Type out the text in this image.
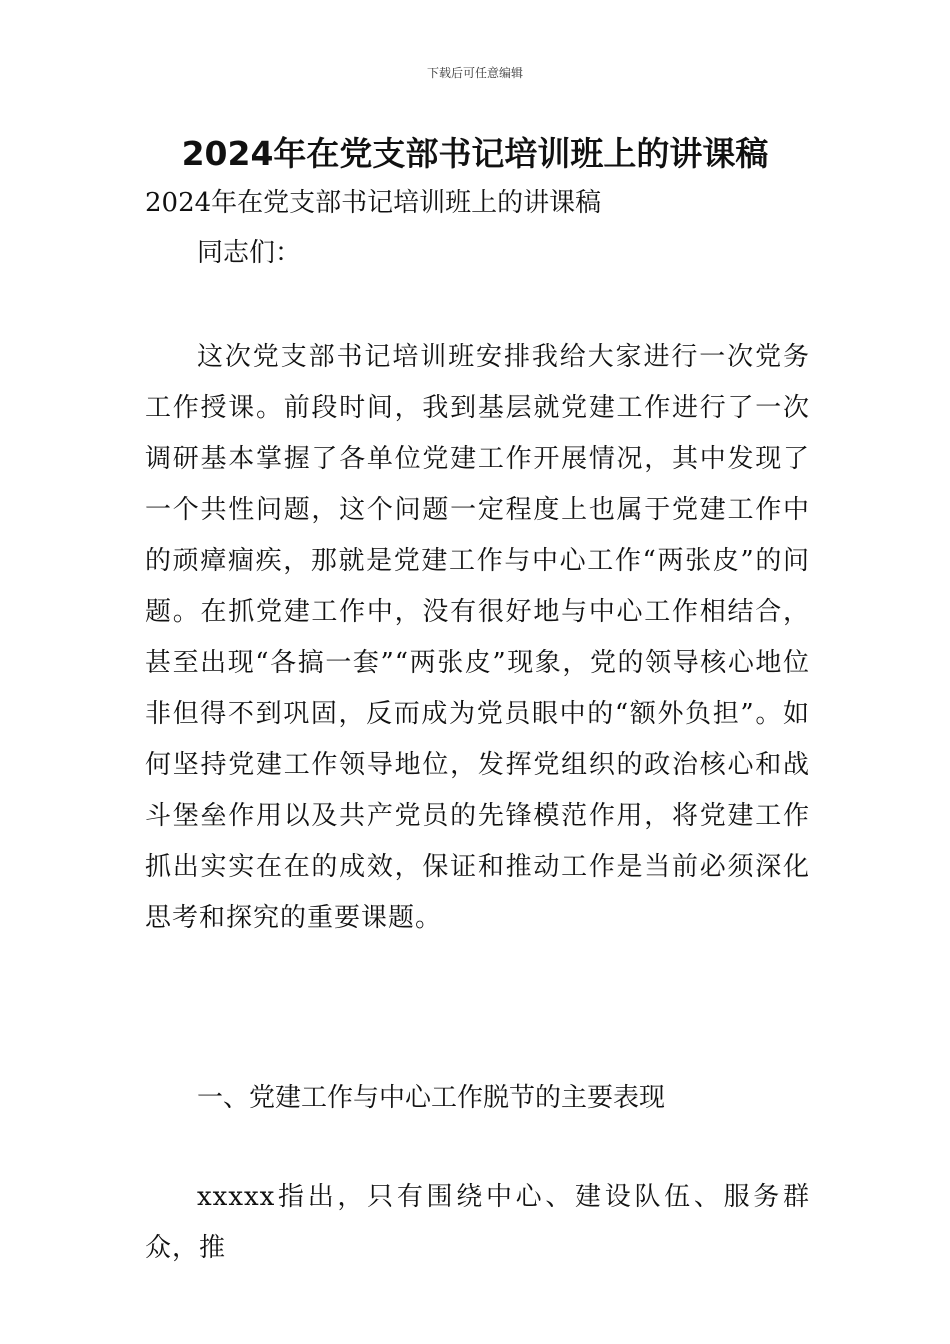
下载后可任意编辑
2024年在党支部书记培训班上的讲课稿

2024年在党支部书记培训班上的讲课稿

同志们：

这次党支部书记培训班安排我给大家进行一次党务工作授课。前段时间，我到基层就党建工作进行了一次调研基本掌握了各单位党建工作开展情况，其中发现了一个共性问题，这个问题一定程度上也属于党建工作中的顽瘴痼疾，那就是党建工作与中心工作“两张皮”的问题。在抓党建工作中，没有很好地与中心工作相结合，甚至出现“各搞一套”“两张皮”现象，党的领导核心地位非但得不到巩固，反而成为党员眼中的“额外负担”。如何坚持党建工作领导地位，发挥党组织的政治核心和战斗堡垒作用以及共产党员的先锋模范作用，将党建工作抓出实实在在的成效，保证和推动工作是当前必须深化思考和探究的重要课题。

一、党建工作与中心工作脱节的主要表现

xxxxx指出，只有围绕中心、建设队伍、服务群众，推
